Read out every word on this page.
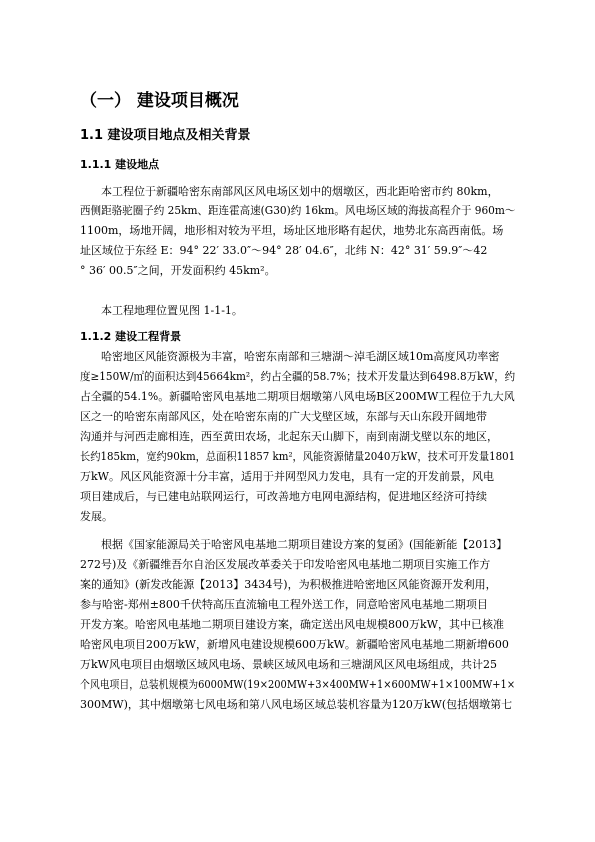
（一） 建设项目概况
1.1 建设项目地点及相关背景
1.1.1 建设地点
本工程位于新疆哈密东南部风区风电场区划中的烟墩区，西北距哈密市约 80km，
西侧距骆驼圈子约 25km、距连霍高速(G30)约 16km。风电场区域的海拔高程介于 960m～
1100m，场地开阔，地形相对较为平坦，场址区地形略有起伏，地势北东高西南低。场
址区域位于东经 E：94° 22′ 33.0″～94° 28′ 04.6″，北纬 N：42° 31′ 59.9″～42
° 36′ 00.5″之间，开发面积约 45km²。
本工程地理位置见图 1-1-1。
1.1.2 建设工程背景
哈密地区风能资源极为丰富，哈密东南部和三塘湖～淖毛湖区域10m高度风功率密
度≥150W/㎡的面积达到45664km²，约占全疆的58.7%；技术开发量达到6498.8万kW，约
占全疆的54.1%。新疆哈密风电基地二期项目烟墩第八风电场B区200MW工程位于九大风
区之一的哈密东南部风区，处在哈密东南的广大戈壁区域，东部与天山东段开阔地带
沟通并与河西走廊相连，西至黄田农场，北起东天山脚下，南到南湖戈壁以东的地区，
长约185km，宽约90km，总面积11857 km²，风能资源储量2040万kW，技术可开发量1801
万kW。风区风能资源十分丰富，适用于并网型风力发电，具有一定的开发前景，风电
项目建成后，与已建电站联网运行，可改善地方电网电源结构，促进地区经济可持续
发展。
根据《国家能源局关于哈密风电基地二期项目建设方案的复函》(国能新能【2013】
272号)及《新疆维吾尔自治区发展改革委关于印发哈密风电基地二期项目实施工作方
案的通知》(新发改能源【2013】3434号)，为积极推进哈密地区风能资源开发利用，
参与哈密-郑州±800千伏特高压直流输电工程外送工作，同意哈密风电基地二期项目
开发方案。哈密风电基地二期项目建设方案，确定送出风电规模800万kW，其中已核准
哈密风电项目200万kW，新增风电建设规模600万kW。新疆哈密风电基地二期新增600
万kW风电项目由烟墩区域风电场、景峡区域风电场和三塘湖风区风电场组成，共计25
个风电项目，总装机规模为6000MW(19×200MW+3×400MW+1×600MW+1×100MW+1×
300MW)，其中烟墩第七风电场和第八风电场区域总装机容量为120万kW(包括烟墩第七
